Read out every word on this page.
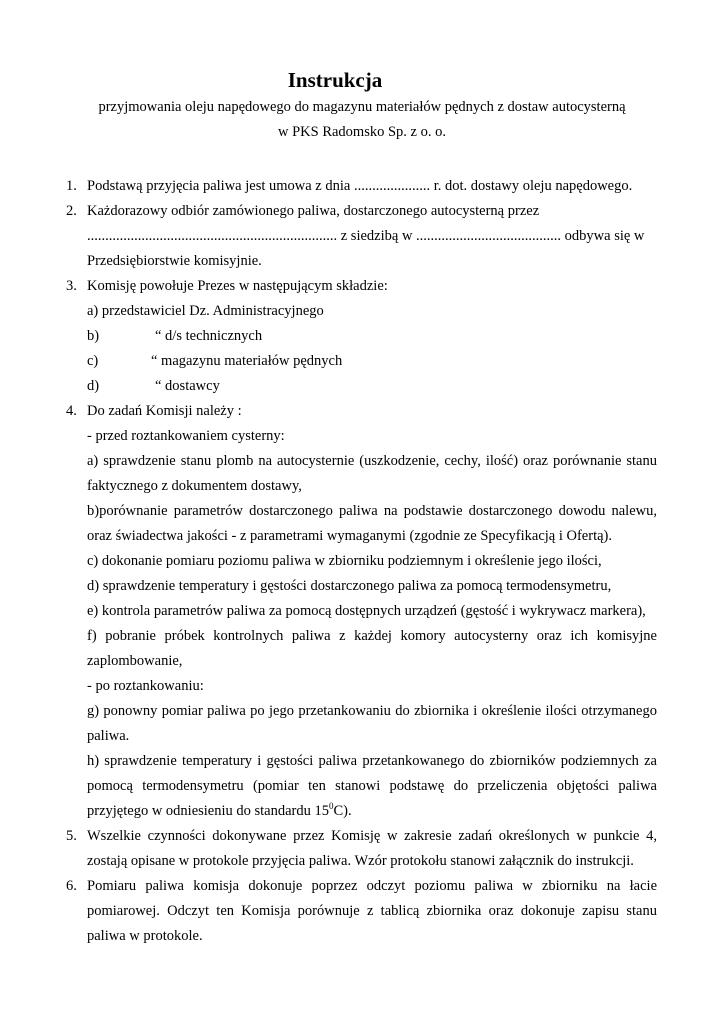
Instrukcja
przyjmowania oleju napędowego do magazynu materiałów pędnych z dostaw autocysterną
w PKS Radomsko Sp. z o. o.
1. Podstawą przyjęcia paliwa jest umowa z dnia ..................... r. dot. dostawy oleju napędowego.
2. Każdorazowy odbiór zamówionego paliwa, dostarczonego autocysterną przez
..................................................................... z siedzibą w ........................................ odbywa się w
Przedsiębiorstwie komisyjnie.
3. Komisję powołuje Prezes w następującym składzie:
a) przedstawiciel Dz. Administracyjnego
b)	“ d/s technicznych
c)	“ magazynu materiałów pędnych
d)	“ dostawcy
4. Do zadań Komisji należy :
- przed roztankowaniem cysterny:
a) sprawdzenie stanu plomb na autocysternie (uszkodzenie, cechy, ilość) oraz porównanie stanu
faktycznego z dokumentem dostawy,
b)porównanie parametrów dostarczonego paliwa na podstawie dostarczonego dowodu nalewu,
oraz świadectwa jakości - z parametrami wymaganymi (zgodnie ze Specyfikacją i Ofertą).
c) dokonanie pomiaru poziomu paliwa w zbiorniku podziemnym i określenie jego ilości,
d) sprawdzenie temperatury i gęstości dostarczonego paliwa za pomocą termodensymetru,
e) kontrola parametrów paliwa za pomocą dostępnych urządzeń (gęstość i wykrywacz markera),
f) pobranie próbek kontrolnych paliwa z każdej komory autocysterny oraz ich komisyjne
zaplombowanie,
- po roztankowaniu:
g) ponowny pomiar paliwa po jego przetankowaniu do zbiornika i określenie ilości otrzymanego
paliwa.
h) sprawdzenie temperatury i gęstości paliwa przetankowanego do zbiorników podziemnych za
pomocą termodensymetru (pomiar ten stanowi podstawę do przeliczenia objętości paliwa
przyjętego w odniesieniu do standardu $15^0C$).
5. Wszelkie czynności dokonywane przez Komisję w zakresie zadań określonych w punkcie 4,
zostają opisane w protokole przyjęcia paliwa. Wzór protokołu stanowi załącznik do instrukcji.
6. Pomiaru paliwa komisja dokonuje poprzez odczyt poziomu paliwa w zbiorniku na łacie
pomiarowej. Odczyt ten Komisja porównuje z tablicą zbiornika oraz dokonuje zapisu stanu
paliwa w protokole.
